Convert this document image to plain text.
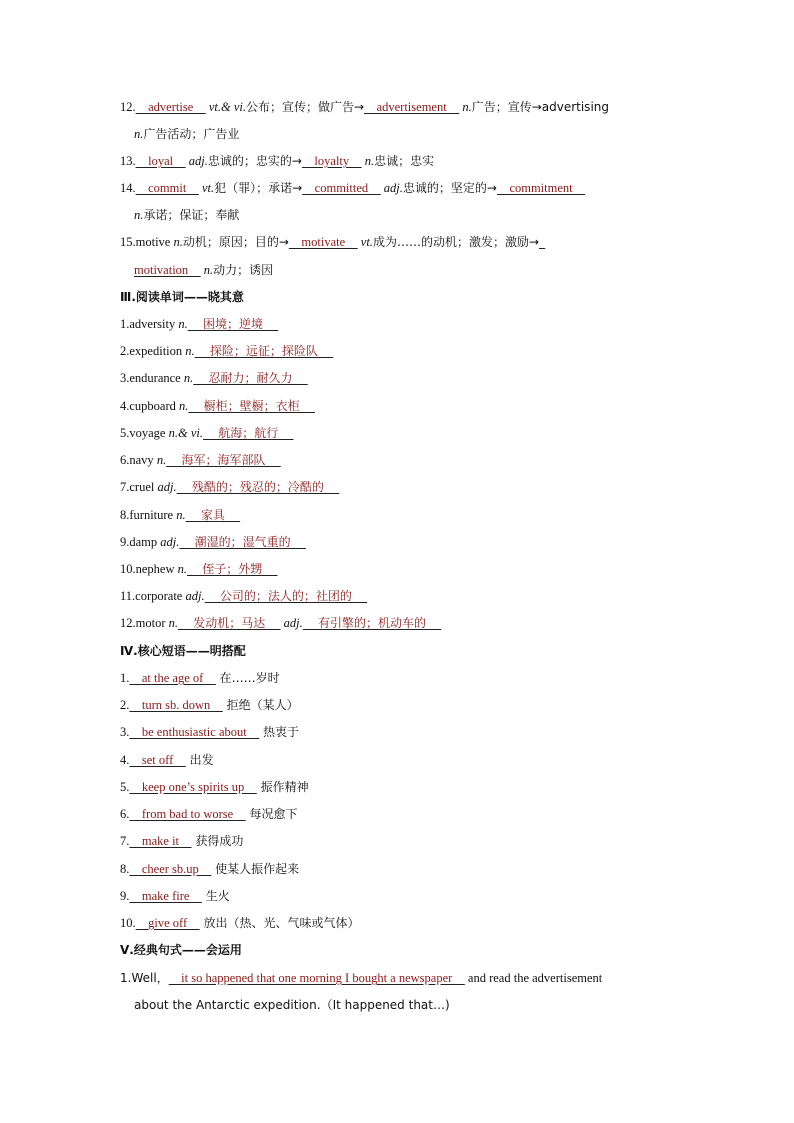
12.    advertise     vt.& vi.公布；宣传；做广告→    advertisement     n.广告；宣传→advertising
n.广告活动；广告业
13.    loyal     adj.忠诚的；忠实的→    loyalty     n.忠诚；忠实
14.    commit     vt.犯（罪）；承诺→    committed     adj.忠诚的；坚定的→    commitment
n.承诺；保证；奉献
15.motive n.动机；原因；目的→    motivate     vt.成为……的动机；激发；激励→
motivation     n.动力；诱因
Ⅲ.阅读单词——晓其意
1.adversity n.    困境；逆境
2.expedition n.    探险；远征；探险队
3.endurance n.    忍耐力；耐久力
4.cupboard n.    橱柜；壁橱；衣柜
5.voyage n.& vi.    航海；航行
6.navy n.    海军；海军部队
7.cruel adj.    残酷的；残忍的；冷酷的
8.furniture n.    家具
9.damp adj.    潮湿的；湿气重的
10.nephew n.    侄子；外甥
11.corporate adj.    公司的；法人的；社团的
12.motor n.    发动机；马达     adj.    有引擎的；机动车的
Ⅳ.核心短语——明搭配
1.    at the age of     在……岁时
2.    turn sb. down     拒绝（某人）
3.    be enthusiastic about     热衷于
4.    set off     出发
5.    keep one’s spirits up     振作精神
6.    from bad to worse     每况愈下
7.    make it     获得成功
8.    cheer sb.up     使某人振作起来
9.    make fire     生火
10.    give off     放出（热、光、气味或气体）
Ⅴ.经典句式——会运用
1.Well，    it so happened that one morning I bought a newspaper     and read the advertisement
about the Antarctic expedition.（It happened that…)
